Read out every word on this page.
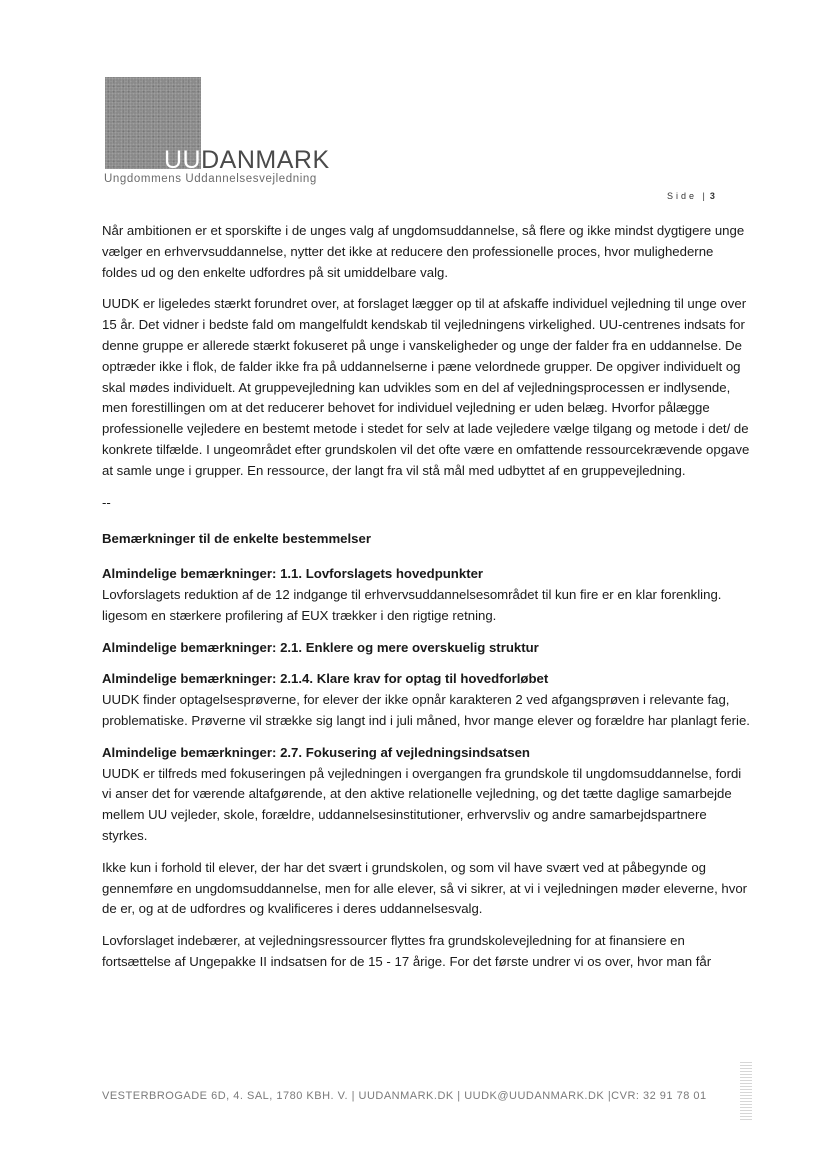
UUDANMARK
Ungdommens Uddannelsesvejledning
Side | 3

Når ambitionen er et sporskifte i de unges valg af ungdomsuddannelse, så flere og ikke mindst dygtigere unge vælger en erhvervsuddannelse, nytter det ikke at reducere den professionelle proces, hvor mulighederne foldes ud og den enkelte udfordres på sit umiddelbare valg.

UUDK er ligeledes stærkt forundret over, at forslaget lægger op til at afskaffe individuel vejledning til unge over 15 år. Det vidner i bedste fald om mangelfuldt kendskab til vejledningens virkelighed. UU-centrenes indsats for denne gruppe er allerede stærkt fokuseret på unge i vanskeligheder og unge der falder fra en uddannelse. De optræder ikke i flok, de falder ikke fra på uddannelserne i pæne velordnede grupper. De opgiver individuelt og skal mødes individuelt. At gruppevejledning kan udvikles som en del af vejledningsprocessen er indlysende, men forestillingen om at det reducerer behovet for individuel vejledning er uden belæg. Hvorfor pålægge professionelle vejledere en bestemt metode i stedet for selv at lade vejledere vælge tilgang og metode i det/ de konkrete tilfælde. I ungeområdet efter grundskolen vil det ofte være en omfattende ressourcekrævende opgave at samle unge i grupper. En ressource, der langt fra vil stå mål med udbyttet af en gruppevejledning.

--

Bemærkninger til de enkelte bestemmelser

Almindelige bemærkninger: 1.1. Lovforslagets hovedpunkter

Lovforslagets reduktion af de 12 indgange til erhvervsuddannelsesområdet til kun fire er en klar forenkling. ligesom en stærkere profilering af EUX trækker i den rigtige retning.

Almindelige bemærkninger: 2.1. Enklere og mere overskuelig struktur

Almindelige bemærkninger: 2.1.4. Klare krav for optag til hovedforløbet

UUDK finder optagelsesprøverne, for elever der ikke opnår karakteren 2 ved afgangsprøven i relevante fag, problematiske. Prøverne vil strække sig langt ind i juli måned, hvor mange elever og forældre har planlagt ferie.

Almindelige bemærkninger: 2.7. Fokusering af vejledningsindsatsen

UUDK er tilfreds med fokuseringen på vejledningen i overgangen fra grundskole til ungdomsuddannelse, fordi vi anser det for værende altafgørende, at den aktive relationelle vejledning, og det tætte daglige samarbejde mellem UU vejleder, skole, forældre, uddannelsesinstitutioner, erhvervsliv og andre samarbejdspartnere styrkes.

Ikke kun i forhold til elever, der har det svært i grundskolen, og som vil have svært ved at påbegynde og gennemføre en ungdomsuddannelse, men for alle elever, så vi sikrer, at vi i vejledningen møder eleverne, hvor de er, og at de udfordres og kvalificeres i deres uddannelsesvalg.

Lovforslaget indebærer, at vejledningsressourcer flyttes fra grundskolevejledning for at finansiere en fortsættelse af Ungepakke II indsatsen for de 15 - 17 årige. For det første undrer vi os over, hvor man får

VESTERBROGADE 6D, 4. SAL, 1780 KBH. V. | UUDANMARK.DK | UUDK@UUDANMARK.DK |CVR: 32 91 78 01
